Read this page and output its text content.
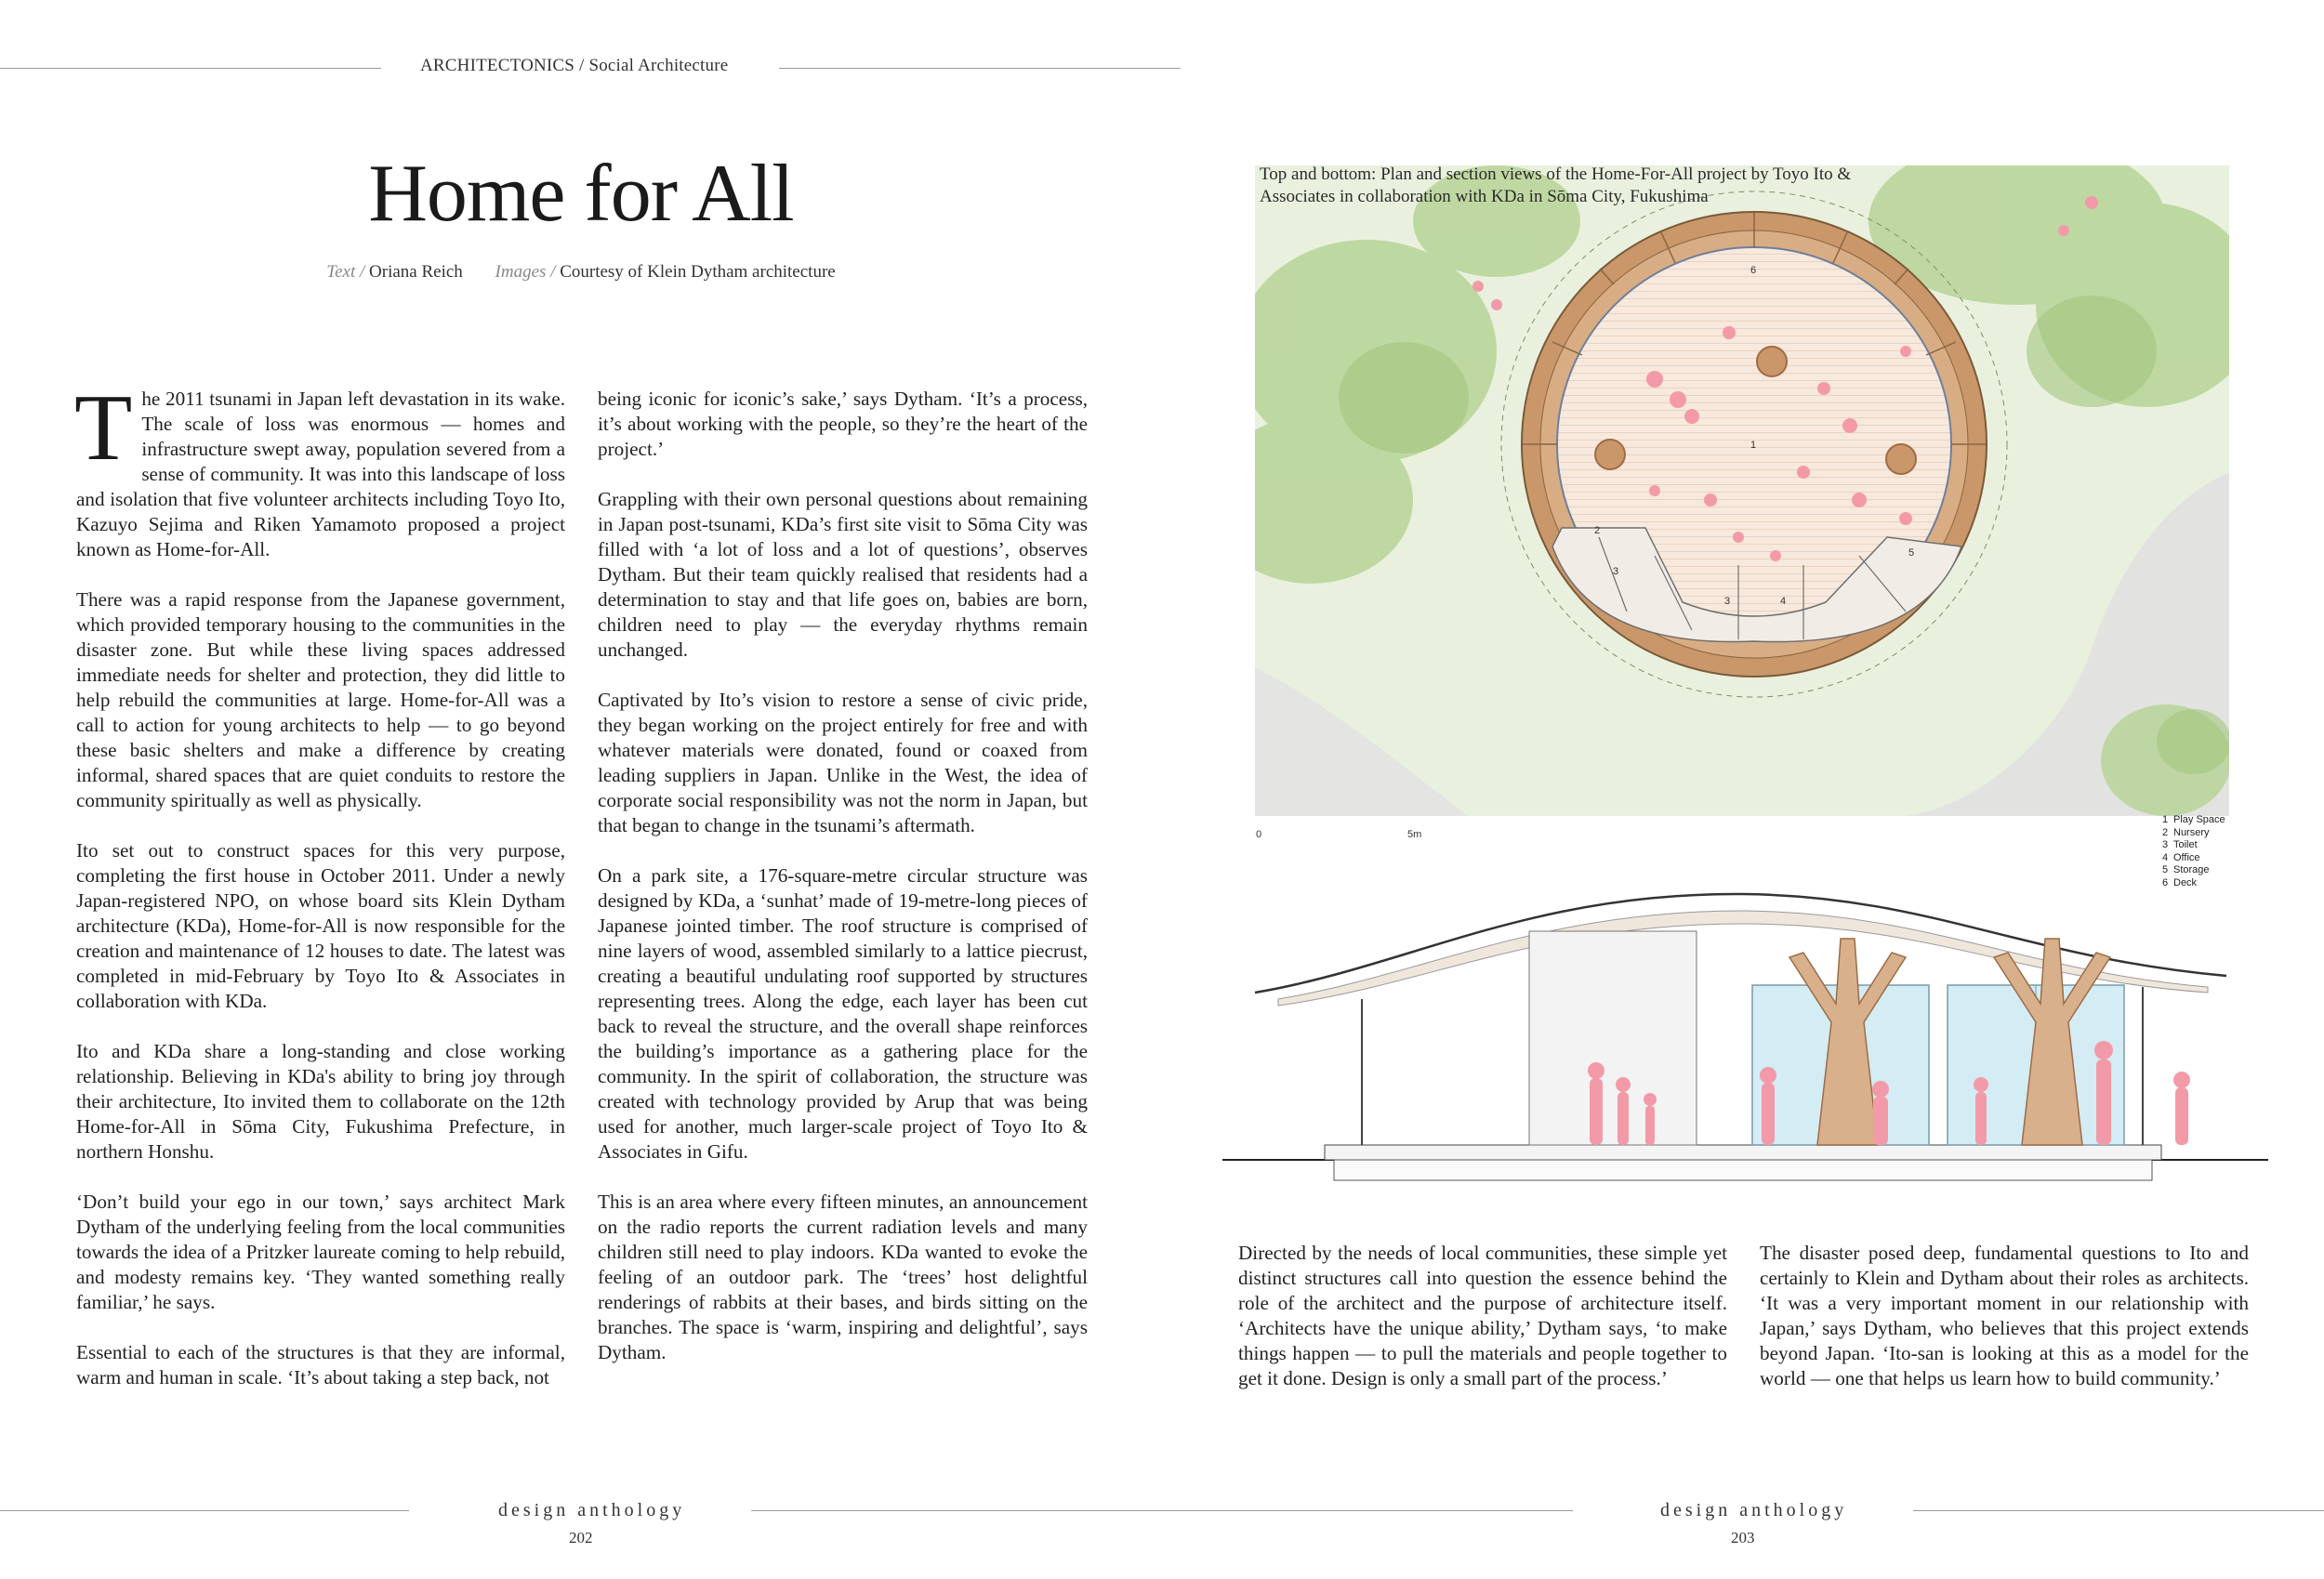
ARCHITECTONICS / Social Architecture
Home for All
Text / Oriana Reich Images / Courtesy of Klein Dytham architecture

The 2011 tsunami in Japan left devastation in its wake. The scale of loss was enormous — homes and infrastructure swept away, population severed from a sense of community. It was into this landscape of loss and isolation that five volunteer architects including Toyo Ito, Kazuyo Sejima and Riken Yamamoto proposed a project known as Home-for-All.

There was a rapid response from the Japanese government, which provided temporary housing to the communities in the disaster zone. But while these living spaces addressed immediate needs for shelter and protection, they did little to help rebuild the communities at large. Home-for-All was a call to action for young architects to help — to go beyond these basic shelters and make a difference by creating informal, shared spaces that are quiet conduits to restore the community spiritually as well as physically.

Ito set out to construct spaces for this very purpose, completing the first house in October 2011. Under a newly Japan-registered NPO, on whose board sits Klein Dytham architecture (KDa), Home-for-All is now responsible for the creation and maintenance of 12 houses to date. The latest was completed in mid-February by Toyo Ito & Associates in collaboration with KDa.

Ito and KDa share a long-standing and close working relationship. Believing in KDa's ability to bring joy through their architecture, Ito invited them to collaborate on the 12th Home-for-All in Sōma City, Fukushima Prefecture, in northern Honshu.

‘Don’t build your ego in our town,’ says architect Mark Dytham of the underlying feeling from the local communities towards the idea of a Pritzker laureate coming to help rebuild, and modesty remains key. ‘They wanted something really familiar,’ he says.

Essential to each of the structures is that they are informal, warm and human in scale. ‘It’s about taking a step back, not

being iconic for iconic’s sake,’ says Dytham. ‘It’s a process, it’s about working with the people, so they’re the heart of the project.’

Grappling with their own personal questions about remaining in Japan post-tsunami, KDa’s first site visit to Sōma City was filled with ‘a lot of loss and a lot of questions’, observes Dytham. But their team quickly realised that residents had a determination to stay and that life goes on, babies are born, children need to play — the everyday rhythms remain unchanged.

Captivated by Ito’s vision to restore a sense of civic pride, they began working on the project entirely for free and with whatever materials were donated, found or coaxed from leading suppliers in Japan. Unlike in the West, the idea of corporate social responsibility was not the norm in Japan, but that began to change in the tsunami’s aftermath.

On a park site, a 176-square-metre circular structure was designed by KDa, a ‘sunhat’ made of 19-metre-long pieces of Japanese jointed timber. The roof structure is comprised of nine layers of wood, assembled similarly to a lattice piecrust, creating a beautiful undulating roof supported by structures representing trees. Along the edge, each layer has been cut back to reveal the structure, and the overall shape reinforces the building’s importance as a gathering place for the community. In the spirit of collaboration, the structure was created with technology provided by Arup that was being used for another, much larger-scale project of Toyo Ito & Associates in Gifu.

This is an area where every fifteen minutes, an announcement on the radio reports the current radiation levels and many children still need to play indoors. KDa wanted to evoke the feeling of an outdoor park. The ‘trees’ host delightful renderings of rabbits at their bases, and birds sitting on the branches. The space is ‘warm, inspiring and delightful’, says Dytham.

Directed by the needs of local communities, these simple yet distinct structures call into question the essence behind the role of the architect and the purpose of architecture itself. ‘Architects have the unique ability,’ Dytham says, ‘to make things happen — to pull the materials and people together to get it done. Design is only a small part of the process.’

The disaster posed deep, fundamental questions to Ito and certainly to Klein and Dytham about their roles as architects. ‘It was a very important moment in our relationship with Japan,’ says Dytham, who believes that this project extends beyond Japan. ‘Ito-san is looking at this as a model for the world — one that helps us learn how to build community.’

Top and bottom: Plan and section views of the Home-For-All project by Toyo Ito & Associates in collaboration with KDa in Sōma City, Fukushima
1
2
3
3	4
5
6
0	5m
1 Play Space
2 Nursery
3 Toilet
4 Office
5 Storage
6 Deck
design anthology	design anthology
202	203
